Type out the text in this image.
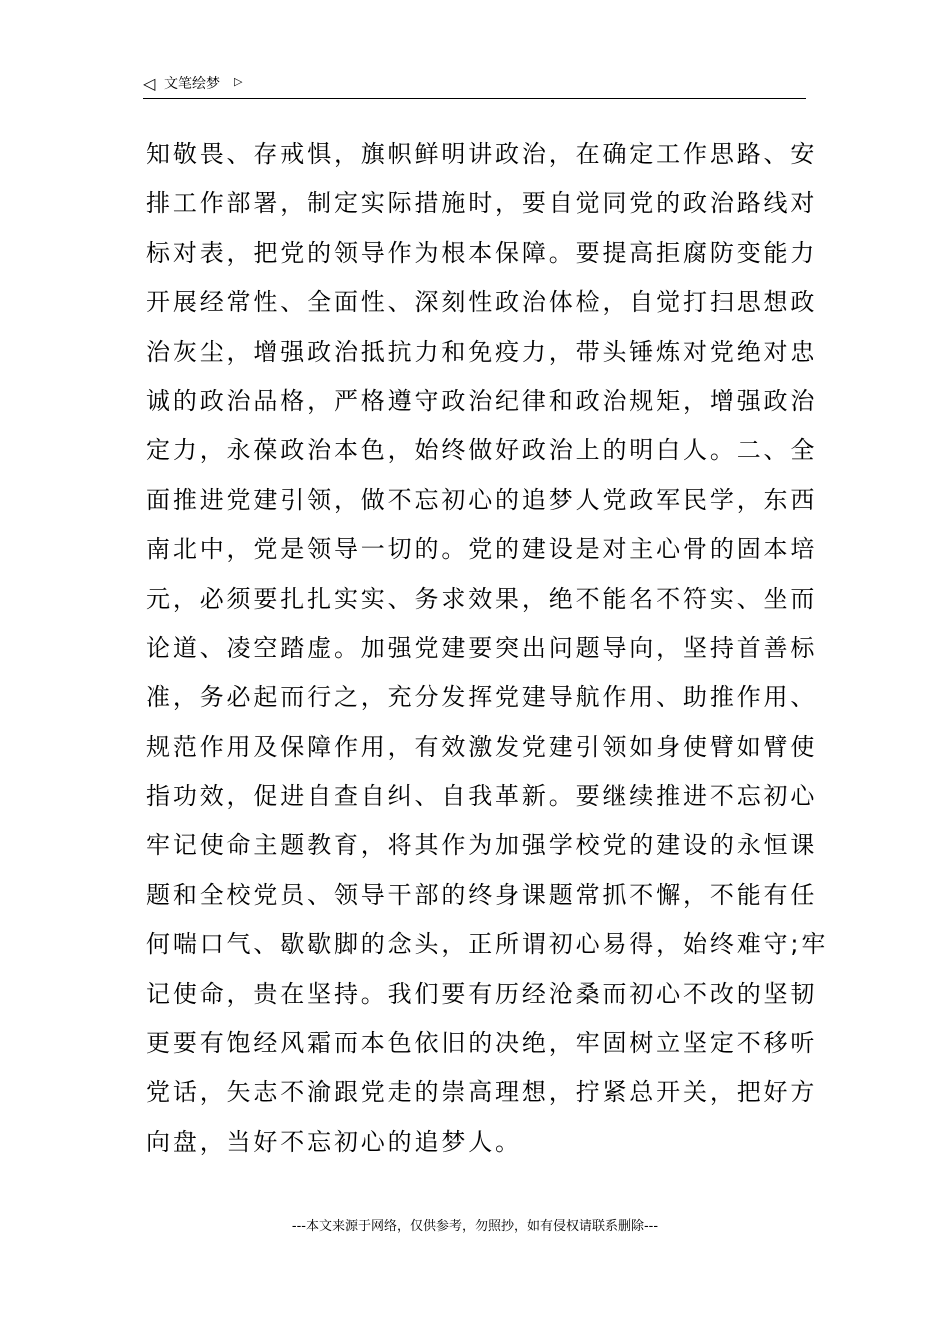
◁ 文笔绘梦 ▷
知敬畏、存戒惧，旗帜鲜明讲政治，在确定工作思路、安
排工作部署，制定实际措施时，要自觉同党的政治路线对
标对表，把党的领导作为根本保障。要提高拒腐防变能力
开展经常性、全面性、深刻性政治体检，自觉打扫思想政
治灰尘，增强政治抵抗力和免疫力，带头锤炼对党绝对忠
诚的政治品格，严格遵守政治纪律和政治规矩，增强政治
定力，永葆政治本色，始终做好政治上的明白人。二、全
面推进党建引领，做不忘初心的追梦人党政军民学，东西
南北中，党是领导一切的。党的建设是对主心骨的固本培
元，必须要扎扎实实、务求效果，绝不能名不符实、坐而
论道、凌空踏虚。加强党建要突出问题导向，坚持首善标
准，务必起而行之，充分发挥党建导航作用、助推作用、
规范作用及保障作用，有效激发党建引领如身使臂如臂使
指功效，促进自查自纠、自我革新。要继续推进不忘初心
牢记使命主题教育，将其作为加强学校党的建设的永恒课
题和全校党员、领导干部的终身课题常抓不懈，不能有任
何喘口气、歇歇脚的念头，正所谓初心易得，始终难守;牢
记使命，贵在坚持。我们要有历经沧桑而初心不改的坚韧
更要有饱经风霜而本色依旧的决绝，牢固树立坚定不移听
党话，矢志不渝跟党走的崇高理想，拧紧总开关，把好方
向盘，当好不忘初心的追梦人。
---本文来源于网络，仅供参考，勿照抄，如有侵权请联系删除---
